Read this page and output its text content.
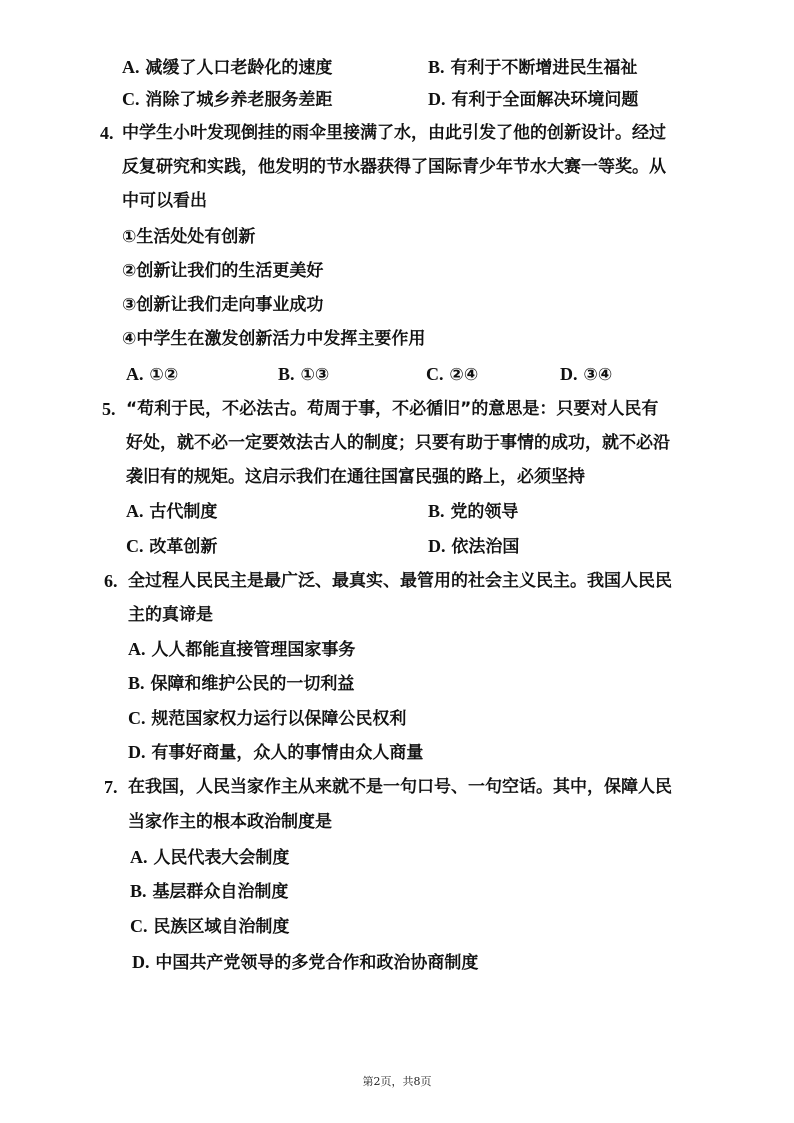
A. 减缓了人口老龄化的速度	B. 有利于不断增进民生福祉
C. 消除了城乡养老服务差距	D. 有利于全面解决环境问题
4. 中学生小叶发现倒挂的雨伞里接满了水，由此引发了他的创新设计。经过
反复研究和实践，他发明的节水器获得了国际青少年节水大赛一等奖。从
中可以看出
①生活处处有创新
②创新让我们的生活更美好
③创新让我们走向事业成功
④中学生在激发创新活力中发挥主要作用
A. ①②	B. ①③	C. ②④	D. ③④
5. “苟利于民，不必法古。苟周于事，不必循旧”的意思是：只要对人民有
好处，就不必一定要效法古人的制度；只要有助于事情的成功，就不必沿
袭旧有的规矩。这启示我们在通往国富民强的路上，必须坚持
A. 古代制度	B. 党的领导
C. 改革创新	D. 依法治国
6. 全过程人民民主是最广泛、最真实、最管用的社会主义民主。我国人民民
主的真谛是
A. 人人都能直接管理国家事务
B. 保障和维护公民的一切利益
C. 规范国家权力运行以保障公民权利
D. 有事好商量，众人的事情由众人商量
7. 在我国，人民当家作主从来就不是一句口号、一句空话。其中，保障人民
当家作主的根本政治制度是
A. 人民代表大会制度
B. 基层群众自治制度
C. 民族区域自治制度
D. 中国共产党领导的多党合作和政治协商制度
第2页，共8页
